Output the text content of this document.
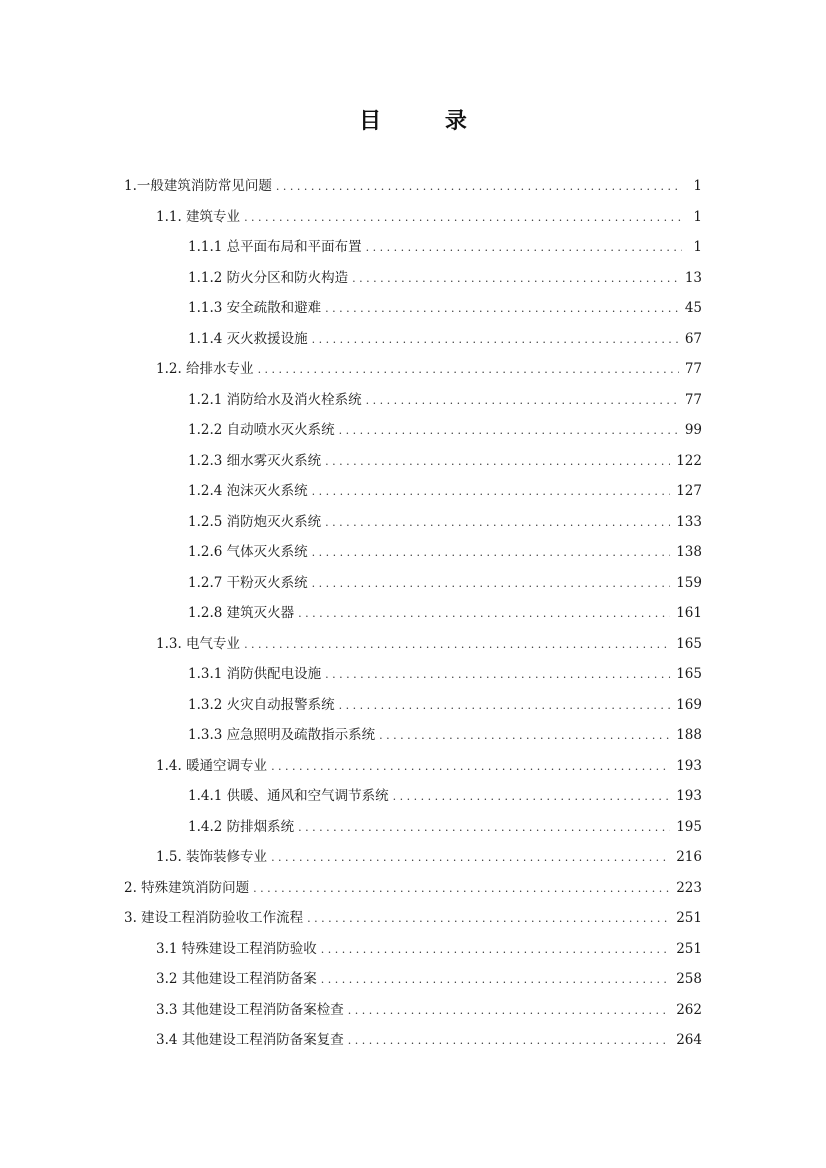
目 录
1.一般建筑消防常见问题 . . .	1
1.1. 建筑专业 . . .	1
1.1.1 总平面布局和平面布置 . . .	1
1.1.2 防火分区和防火构造 . . .	13
1.1.3 安全疏散和避难 . . .	45
1.1.4 灭火救援设施 . . .	67
1.2. 给排水专业 . . .	77
1.2.1 消防给水及消火栓系统 . . .	77
1.2.2 自动喷水灭火系统 . . .	99
1.2.3 细水雾灭火系统 . . .	122
1.2.4 泡沫灭火系统 . . .	127
1.2.5 消防炮灭火系统 . . .	133
1.2.6 气体灭火系统 . . .	138
1.2.7 干粉灭火系统 . . .	159
1.2.8 建筑灭火器 . . .	161
1.3. 电气专业 . . .	165
1.3.1 消防供配电设施 . . .	165
1.3.2 火灾自动报警系统 . . .	169
1.3.3 应急照明及疏散指示系统 . . .	188
1.4. 暖通空调专业 . . .	193
1.4.1 供暖、通风和空气调节系统 . . .	193
1.4.2 防排烟系统 . . .	195
1.5. 装饰装修专业 . . .	216
2. 特殊建筑消防问题 . . .	223
3. 建设工程消防验收工作流程 . . .	251
3.1 特殊建设工程消防验收 . . .	251
3.2 其他建设工程消防备案 . . .	258
3.3 其他建设工程消防备案检查 . . .	262
3.4 其他建设工程消防备案复查 . . .	264
